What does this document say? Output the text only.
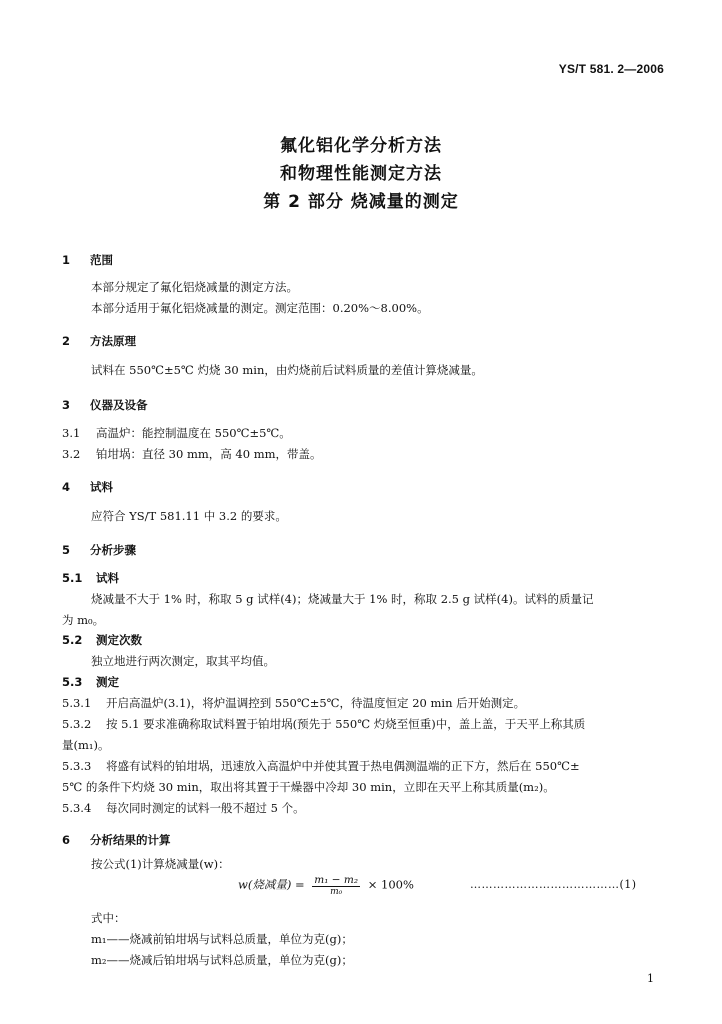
YS/T 581. 2—2006
氟化铝化学分析方法
和物理性能测定方法
第 2 部分 烧减量的测定
1 范围
本部分规定了氟化铝烧减量的测定方法。
本部分适用于氟化铝烧减量的测定。测定范围：0.20%～8.00%。
2 方法原理
试料在 550℃±5℃ 灼烧 30 min，由灼烧前后试料质量的差值计算烧减量。
3 仪器及设备
3.1 高温炉：能控制温度在 550℃±5℃。
3.2 铂坩埚：直径 30 mm，高 40 mm，带盖。
4 试料
应符合 YS/T 581.11 中 3.2 的要求。
5 分析步骤
5.1 试料
烧减量不大于 1% 时，称取 5 g 试样(4)；烧减量大于 1% 时，称取 2.5 g 试样(4)。试料的质量记
为 m₀。
5.2 测定次数
独立地进行两次测定，取其平均值。
5.3 测定
5.3.1 开启高温炉(3.1)，将炉温调控到 550℃±5℃，待温度恒定 20 min 后开始测定。
5.3.2 按 5.1 要求准确称取试料置于铂坩埚(预先于 550℃ 灼烧至恒重)中，盖上盖，于天平上称其质
量(m₁)。
5.3.3 将盛有试料的铂坩埚，迅速放入高温炉中并使其置于热电偶测温端的正下方，然后在 550℃±
5℃ 的条件下灼烧 30 min，取出将其置于干燥器中冷却 30 min，立即在天平上称其质量(m₂)。
5.3.4 每次同时测定的试料一般不超过 5 个。
6 分析结果的计算
按公式(1)计算烧减量(w)：
w(烧减量) = $\frac{\text{m₁ − m₂}}{\text{m₀}} \times 100\%$	…………………………………(1)
式中：
m₁——烧减前铂坩埚与试料总质量，单位为克(g)；
m₂——烧减后铂坩埚与试料总质量，单位为克(g)；
1
